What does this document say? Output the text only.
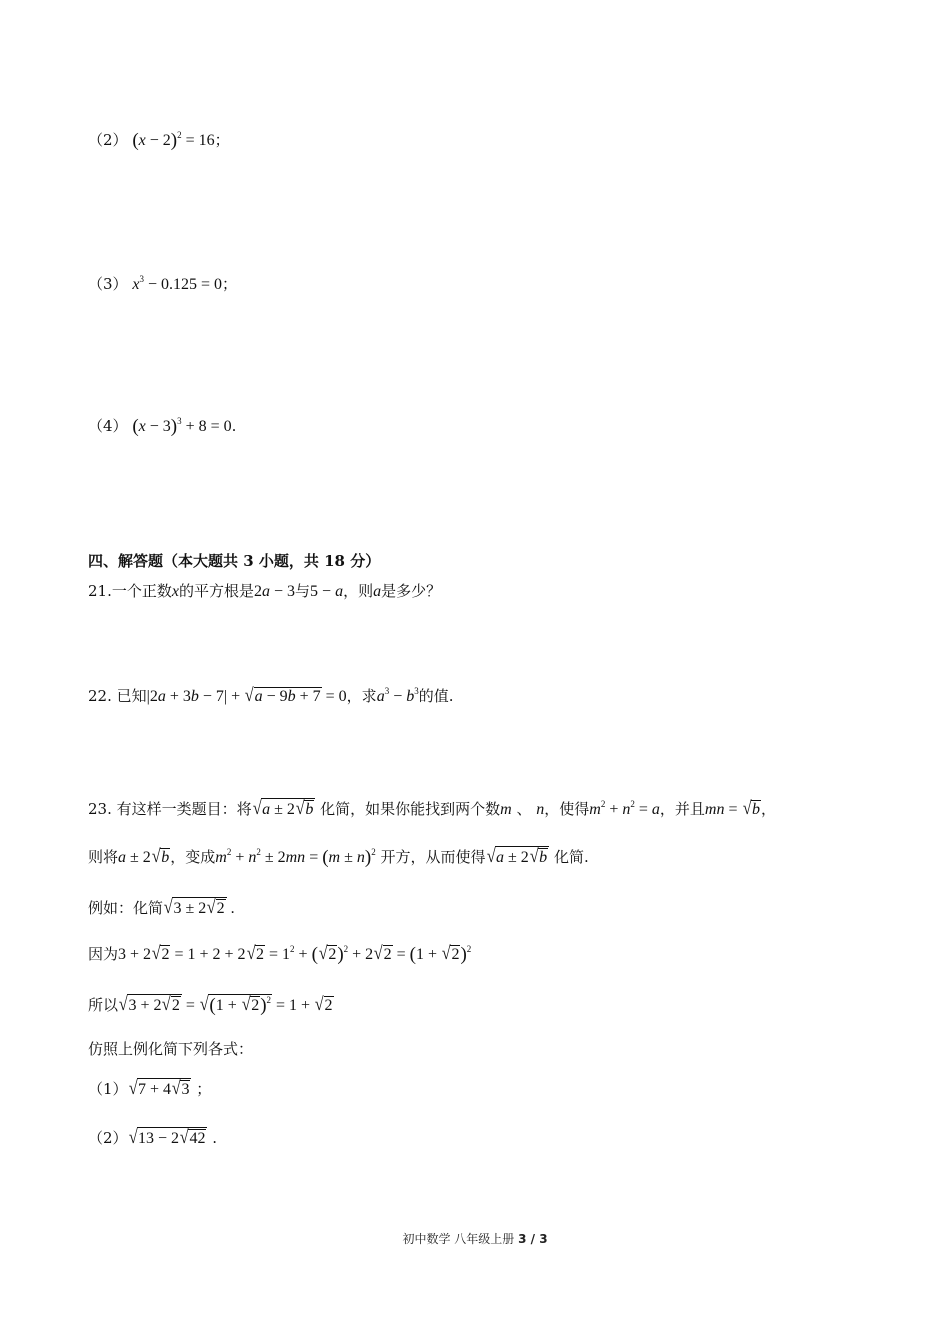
（2） $(x - 2)^2 = 16$；
（3） $x^3 - 0.125 = 0$；
（4） $(x - 3)^3 + 8 = 0$.
四、解答题（本大题共 3 小题，共 18 分）
21.一个正数x的平方根是2a − 3与5 − a，则a是多少？
22. 已知|2a + 3b − 7| + √a − 9b + 7 = 0，求$a^3 - b^3$的值.
23. 有这样一类题目：将√a ± 2√b 化简，如果你能找到两个数m 、 n，使得$m^2 + n^2 = a$，并且mn = √b，
则将a ± 2√b，变成$m^2 + n^2 \pm 2mn = (m \pm n)^2$ 开方，从而使得√a ± 2√b 化简.
例如：化简√3 ± 2√2 .
因为$3 + 2√2 = 1 + 2 + 2√2 = 1^2 + (√2)^2 + 2√2 = (1 + √2)^2$
所以$√3 + 2√2 = √(1 + √2)^2 = 1 + √2$
仿照上例化简下列各式：
（1）√7 + 4√3 ；
（2）√13 − 2√42 .
初中数学 八年级上册 3 / 3
